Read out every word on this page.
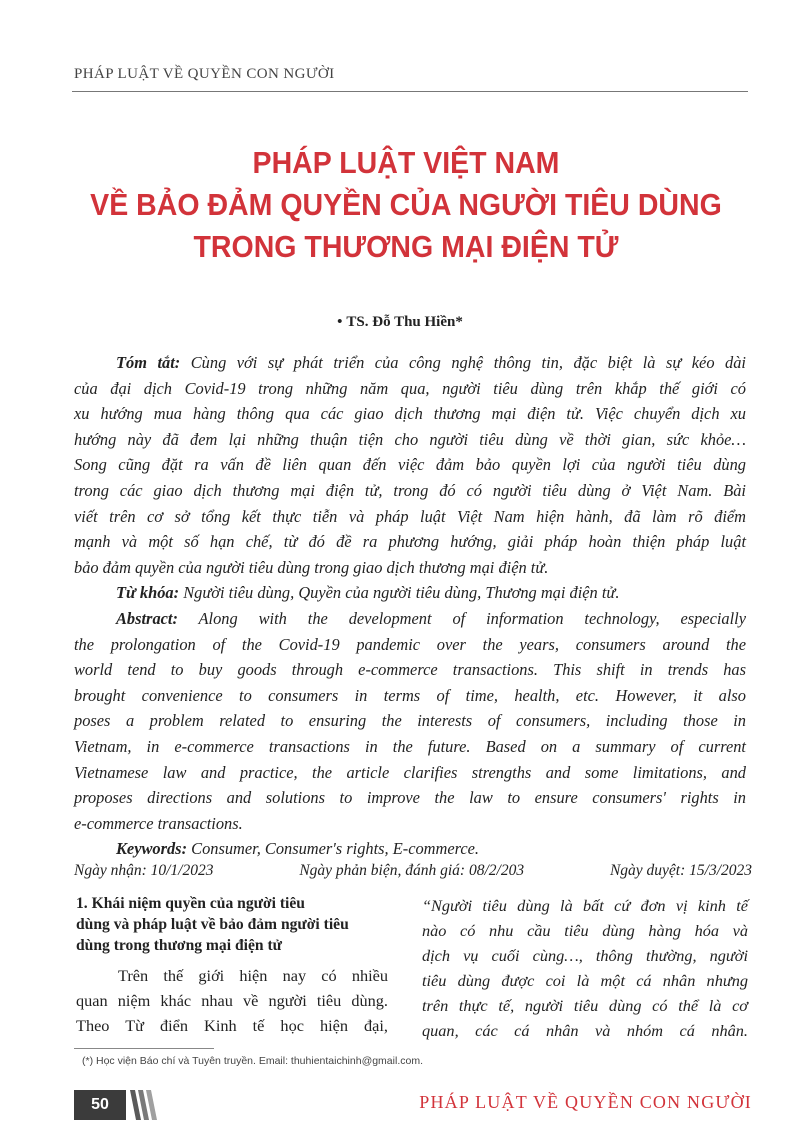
PHÁP LUẬT VỀ QUYỀN CON NGƯỜI
PHÁP LUẬT VIỆT NAM
VỀ BẢO ĐẢM QUYỀN CỦA NGƯỜI TIÊU DÙNG
TRONG THƯƠNG MẠI ĐIỆN TỬ
• TS. Đỗ Thu Hiền*
Tóm tắt: Cùng với sự phát triển của công nghệ thông tin, đặc biệt là sự kéo dài
của đại dịch Covid-19 trong những năm qua, người tiêu dùng trên khắp thế giới có
xu hướng mua hàng thông qua các giao dịch thương mại điện tử. Việc chuyển dịch xu
hướng này đã đem lại những thuận tiện cho người tiêu dùng về thời gian, sức khỏe…
Song cũng đặt ra vấn đề liên quan đến việc đảm bảo quyền lợi của người tiêu dùng
trong các giao dịch thương mại điện tử, trong đó có người tiêu dùng ở Việt Nam. Bài
viết trên cơ sở tổng kết thực tiễn và pháp luật Việt Nam hiện hành, đã làm rõ điểm
mạnh và một số hạn chế, từ đó đề ra phương hướng, giải pháp hoàn thiện pháp luật
bảo đảm quyền của người tiêu dùng trong giao dịch thương mại điện tử.
Từ khóa: Người tiêu dùng, Quyền của người tiêu dùng, Thương mại điện tử.
Abstract: Along with the development of information technology, especially
the prolongation of the Covid-19 pandemic over the years, consumers around the
world tend to buy goods through e-commerce transactions. This shift in trends has
brought convenience to consumers in terms of time, health, etc. However, it also
poses a problem related to ensuring the interests of consumers, including those in
Vietnam, in e-commerce transactions in the future. Based on a summary of current
Vietnamese law and practice, the article clarifies strengths and some limitations, and
proposes directions and solutions to improve the law to ensure consumers' rights in
e-commerce transactions.
Keywords: Consumer, Consumer's rights, E-commerce.
Ngày nhận: 10/1/2023	Ngày phản biện, đánh giá: 08/2/203	Ngày duyệt: 15/3/2023
1. Khái niệm quyền của người tiêu
dùng và pháp luật về bảo đảm người tiêu
dùng trong thương mại điện tử
Trên thế giới hiện nay có nhiều
quan niệm khác nhau về người tiêu dùng.
Theo Từ điển Kinh tế học hiện đại,
“Người tiêu dùng là bất cứ đơn vị kinh tế
nào có nhu cầu tiêu dùng hàng hóa và
dịch vụ cuối cùng…, thông thường, người
tiêu dùng được coi là một cá nhân nhưng
trên thực tế, người tiêu dùng có thể là cơ
quan, các cá nhân và nhóm cá nhân.
(*) Học viện Báo chí và Tuyên truyền. Email: thuhientaichinh@gmail.com.
50	PHÁP LUẬT VỀ QUYỀN CON NGƯỜI
